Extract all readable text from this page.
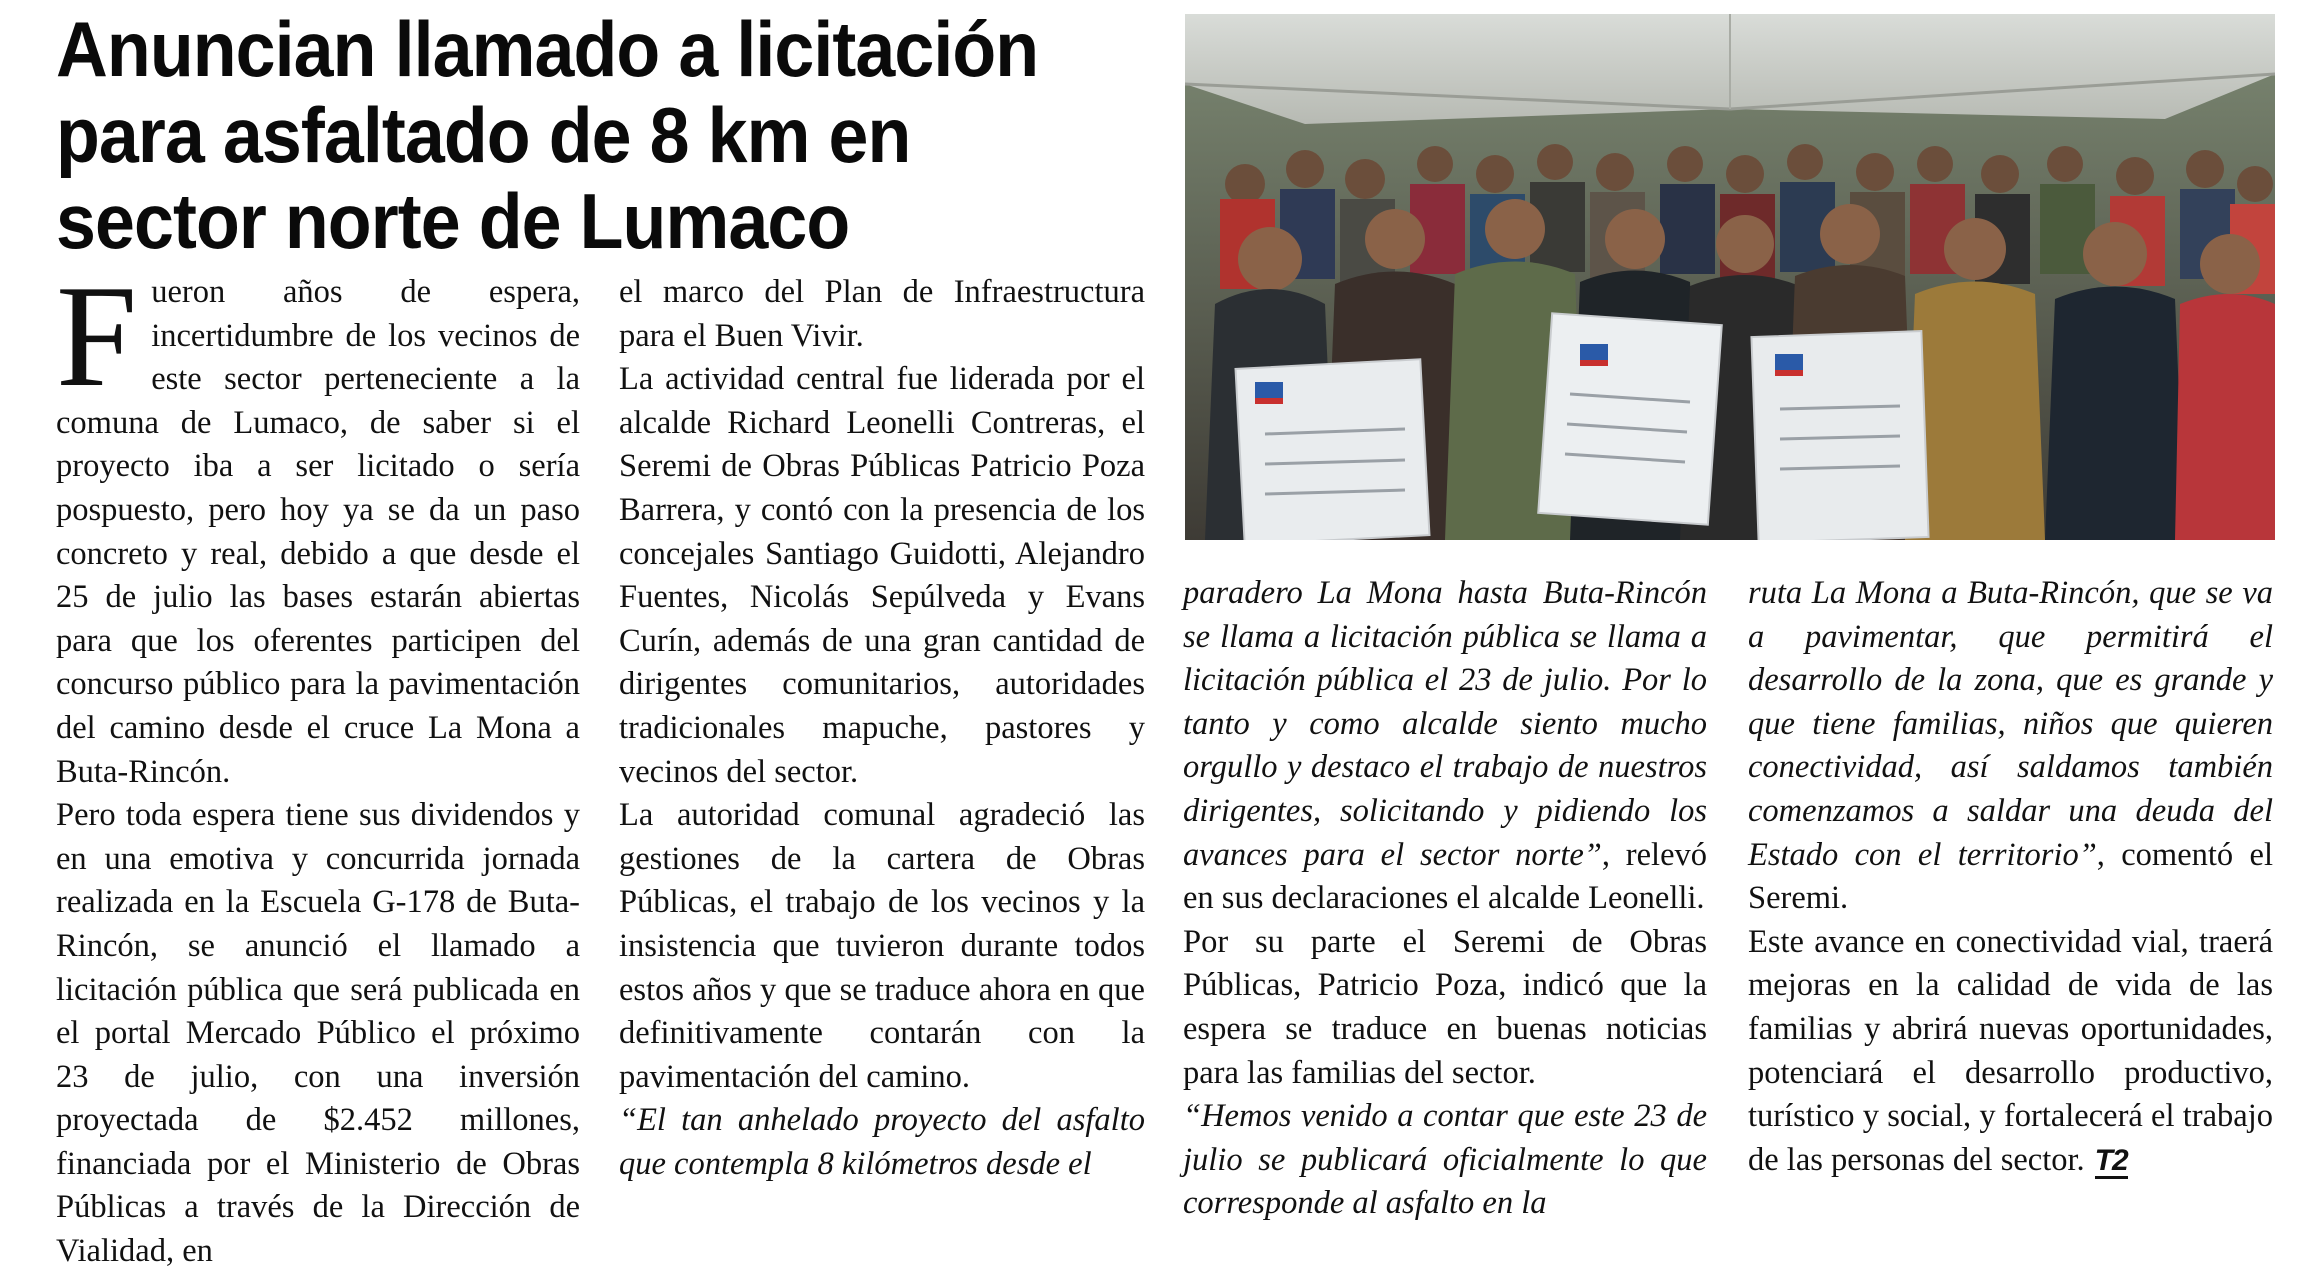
Anuncian llamado a licitación para asfaltado de 8 km en sector norte de Lumaco

Fueron años de espera, incertidumbre de los vecinos de este sector perteneciente a la comuna de Lumaco, de saber si el proyecto iba a ser licitado o sería pospuesto, pero hoy ya se da un paso concreto y real, debido a que desde el 25 de julio las bases estarán abiertas para que los oferentes participen del concurso público para la pavimentación del camino desde el cruce La Mona a Buta-Rincón.

Pero toda espera tiene sus dividendos y en una emotiva y concurrida jornada realizada en la Escuela G-178 de Buta-Rincón, se anunció el llamado a licitación pública que será publicada en el portal Mercado Público el próximo 23 de julio, con una inversión proyectada de $2.452 millones, financiada por el Ministerio de Obras Públicas a través de la Dirección de Vialidad, en

el marco del Plan de Infraestructura para el Buen Vivir.

La actividad central fue liderada por el alcalde Richard Leonelli Contreras, el Seremi de Obras Públicas Patricio Poza Barrera, y contó con la presencia de los concejales Santiago Guidotti, Alejandro Fuentes, Nicolás Sepúlveda y Evans Curín, además de una gran cantidad de dirigentes comunitarios, autoridades tradicionales mapuche, pastores y vecinos del sector.

La autoridad comunal agradeció las gestiones de la cartera de Obras Públicas, el trabajo de los vecinos y la insistencia que tuvieron durante todos estos años y que se traduce ahora en que definitivamente contarán con la pavimentación del camino.

“El tan anhelado proyecto del asfalto que contempla 8 kilómetros desde el

paradero La Mona hasta Buta-Rincón se llama a licitación pública se llama a licitación pública el 23 de julio. Por lo tanto y como alcalde siento mucho orgullo y destaco el trabajo de nuestros dirigentes, solicitando y pidiendo los avances para el sector norte”, relevó en sus declaraciones el alcalde Leonelli.

Por su parte el Seremi de Obras Públicas, Patricio Poza, indicó que la espera se traduce en buenas noticias para las familias del sector.

“Hemos venido a contar que este 23 de julio se publicará oficialmente lo que corresponde al asfalto en la

ruta La Mona a Buta-Rincón, que se va a pavimentar, que permitirá el desarrollo de la zona, que es grande y que tiene familias, niños que quieren conectividad, así saldamos también comenzamos a saldar una deuda del Estado con el territorio”, comentó el Seremi.

Este avance en conectividad vial, traerá mejoras en la calidad de vida de las familias y abrirá nuevas oportunidades, potenciará el desarrollo productivo, turístico y social, y fortalecerá el trabajo de las personas del sector. T2
